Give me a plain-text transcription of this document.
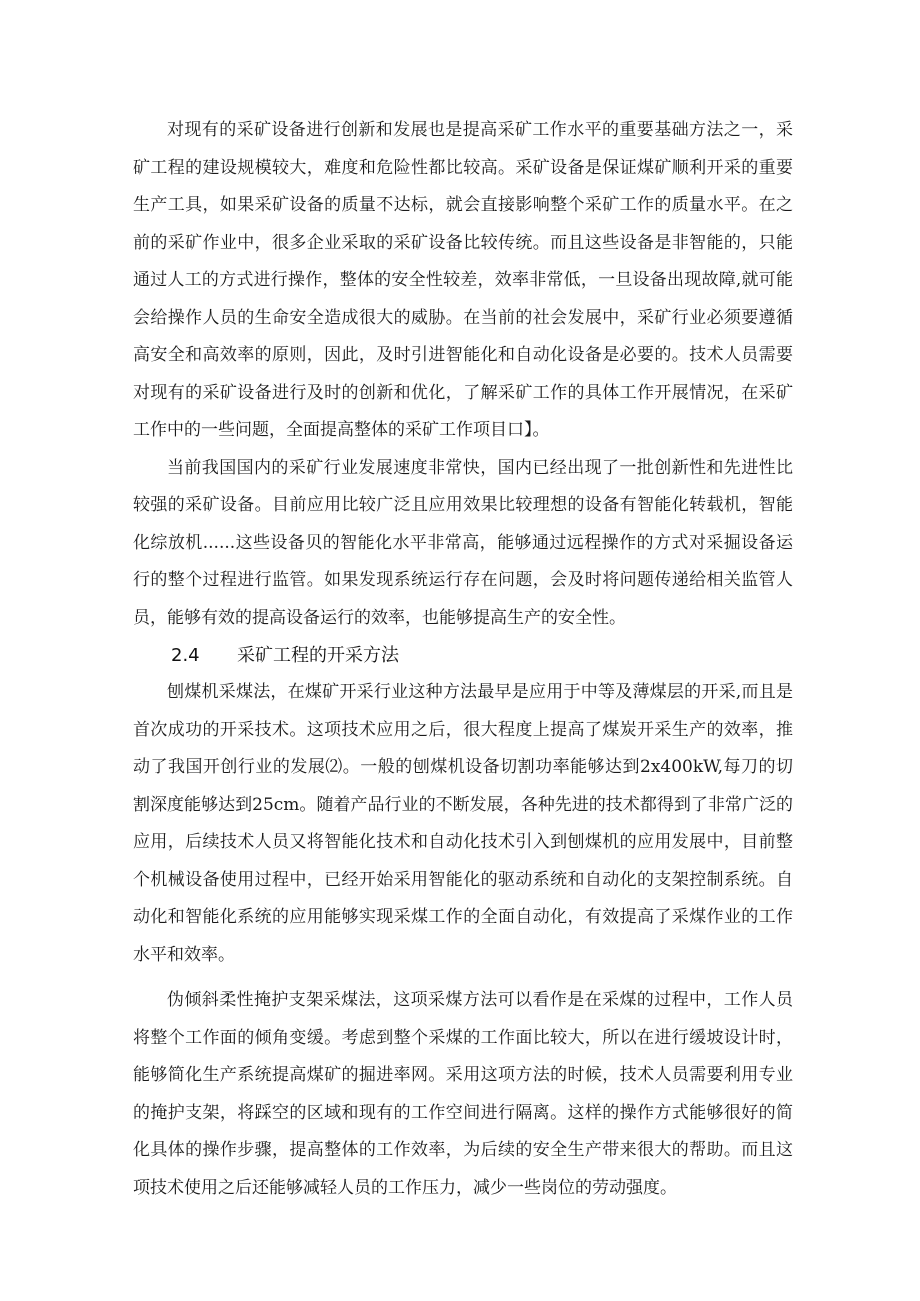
对现有的采矿设备进行创新和发展也是提高采矿工作水平的重要基础方法之一，采矿工程的建设规模较大，难度和危险性都比较高。采矿设备是保证煤矿顺利开采的重要生产工具，如果采矿设备的质量不达标，就会直接影响整个采矿工作的质量水平。在之前的采矿作业中，很多企业采取的采矿设备比较传统。而且这些设备是非智能的，只能通过人工的方式进行操作，整体的安全性较差，效率非常低，一旦设备出现故障,就可能会给操作人员的生命安全造成很大的威胁。在当前的社会发展中，采矿行业必须要遵循高安全和高效率的原则，因此，及时引进智能化和自动化设备是必要的。技术人员需要对现有的采矿设备进行及时的创新和优化，了解采矿工作的具体工作开展情况，在采矿工作中的一些问题，全面提高整体的采矿工作项目口】。

当前我国国内的采矿行业发展速度非常快，国内已经出现了一批创新性和先进性比较强的采矿设备。目前应用比较广泛且应用效果比较理想的设备有智能化转载机，智能化综放机......这些设备贝的智能化水平非常高，能够通过远程操作的方式对采掘设备运行的整个过程进行监管。如果发现系统运行存在问题，会及时将问题传递给相关监管人员，能够有效的提高设备运行的效率，也能够提高生产的安全性。

2.4 采矿工程的开采方法

刨煤机采煤法，在煤矿开采行业这种方法最早是应用于中等及薄煤层的开采,而且是首次成功的开采技术。这项技术应用之后，很大程度上提高了煤炭开采生产的效率，推动了我国开创行业的发展⑵。一般的刨煤机设备切割功率能够达到2x400kW,每刀的切割深度能够达到25cm。随着产品行业的不断发展，各种先进的技术都得到了非常广泛的应用，后续技术人员又将智能化技术和自动化技术引入到刨煤机的应用发展中，目前整个机械设备使用过程中，已经开始采用智能化的驱动系统和自动化的支架控制系统。自动化和智能化系统的应用能够实现采煤工作的全面自动化，有效提高了采煤作业的工作水平和效率。

伪倾斜柔性掩护支架采煤法，这项采煤方法可以看作是在采煤的过程中，工作人员将整个工作面的倾角变缓。考虑到整个采煤的工作面比较大，所以在进行缓坡设计时，能够简化生产系统提高煤矿的掘进率网。采用这项方法的时候，技术人员需要利用专业的掩护支架，将踩空的区域和现有的工作空间进行隔离。这样的操作方式能够很好的简化具体的操作步骤，提高整体的工作效率，为后续的安全生产带来很大的帮助。而且这项技术使用之后还能够减轻人员的工作压力，减少一些岗位的劳动强度。
